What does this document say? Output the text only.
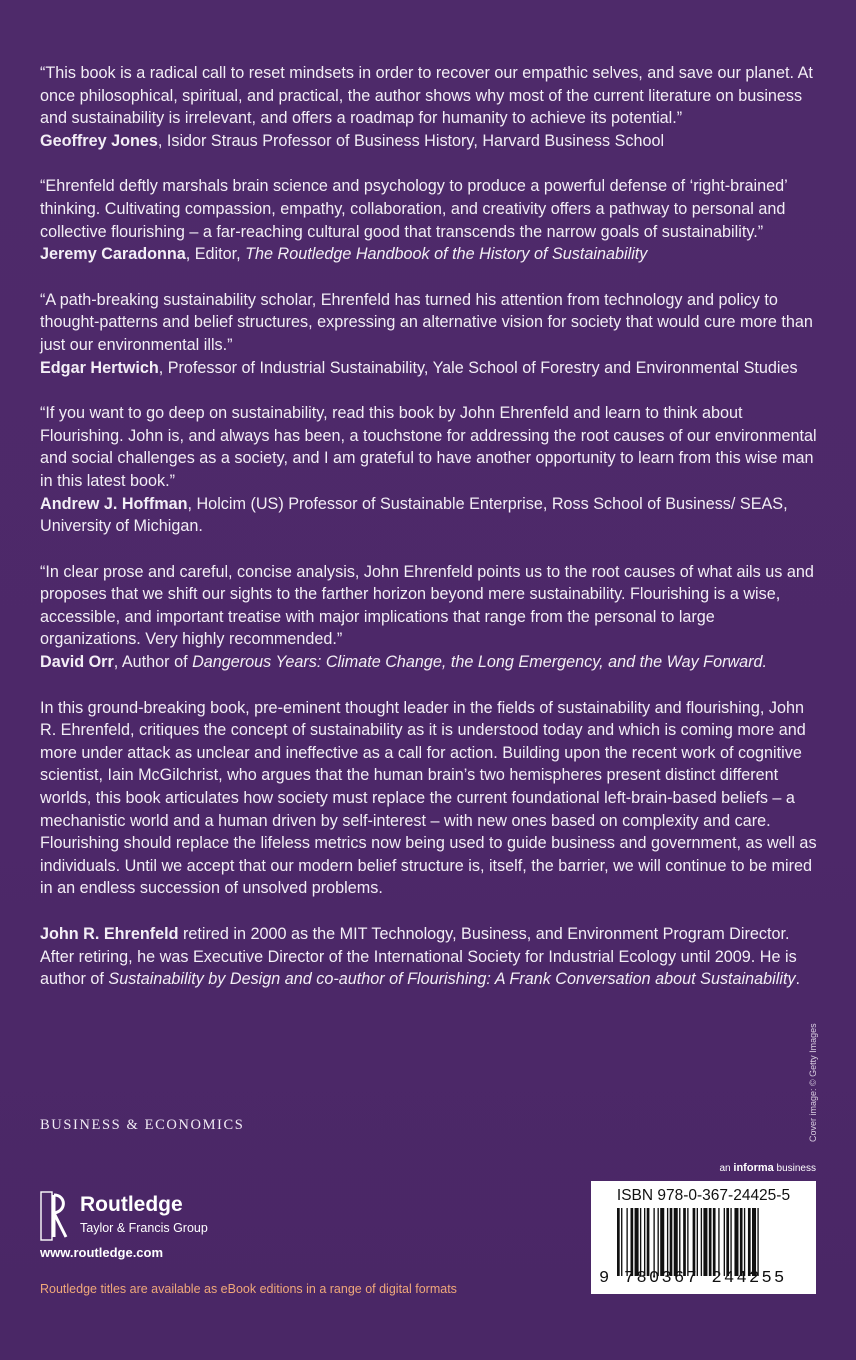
“This book is a radical call to reset mindsets in order to recover our empathic selves, and save our planet. At once philosophical, spiritual, and practical, the author shows why most of the current literature on business and sustainability is irrelevant, and offers a roadmap for humanity to achieve its potential.”

Geoffrey Jones, Isidor Straus Professor of Business History, Harvard Business School

“Ehrenfeld deftly marshals brain science and psychology to produce a powerful defense of ‘right-brained’ thinking. Cultivating compassion, empathy, collaboration, and creativity offers a pathway to personal and collective flourishing – a far-reaching cultural good that transcends the narrow goals of sustainability.”

Jeremy Caradonna, Editor, The Routledge Handbook of the History of Sustainability

“A path-breaking sustainability scholar, Ehrenfeld has turned his attention from technology and policy to thought-patterns and belief structures, expressing an alternative vision for society that would cure more than just our environmental ills.”

Edgar Hertwich, Professor of Industrial Sustainability, Yale School of Forestry and Environmental Studies

“If you want to go deep on sustainability, read this book by John Ehrenfeld and learn to think about Flourishing. John is, and always has been, a touchstone for addressing the root causes of our environmental and social challenges as a society, and I am grateful to have another opportunity to learn from this wise man in this latest book.”

Andrew J. Hoffman, Holcim (US) Professor of Sustainable Enterprise, Ross School of Business/ SEAS, University of Michigan.

“In clear prose and careful, concise analysis, John Ehrenfeld points us to the root causes of what ails us and proposes that we shift our sights to the farther horizon beyond mere sustainability. Flourishing is a wise, accessible, and important treatise with major implications that range from the personal to large organizations. Very highly recommended.”

David Orr, Author of Dangerous Years: Climate Change, the Long Emergency, and the Way Forward.

In this ground-breaking book, pre-eminent thought leader in the fields of sustainability and flourishing, John R. Ehrenfeld, critiques the concept of sustainability as it is understood today and which is coming more and more under attack as unclear and ineffective as a call for action. Building upon the recent work of cognitive scientist, Iain McGilchrist, who argues that the human brain’s two hemispheres present distinct different worlds, this book articulates how society must replace the current foundational left-brain-based beliefs – a mechanistic world and a human driven by self-interest – with new ones based on complexity and care. Flourishing should replace the lifeless metrics now being used to guide business and government, as well as individuals. Until we accept that our modern belief structure is, itself, the barrier, we will continue to be mired in an endless succession of unsolved problems.

John R. Ehrenfeld retired in 2000 as the MIT Technology, Business, and Environment Program Director. After retiring, he was Executive Director of the International Society for Industrial Ecology until 2009. He is author of Sustainability by Design and co-author of Flourishing: A Frank Conversation about Sustainability.

BUSINESS & ECONOMICS	Cover image: © Getty Images
an informa business
ISBN 978-0-367-24425-5
9 780367 244255
Routledge
Taylor & Francis Group
www.routledge.com
Routledge titles are available as eBook editions in a range of digital formats
